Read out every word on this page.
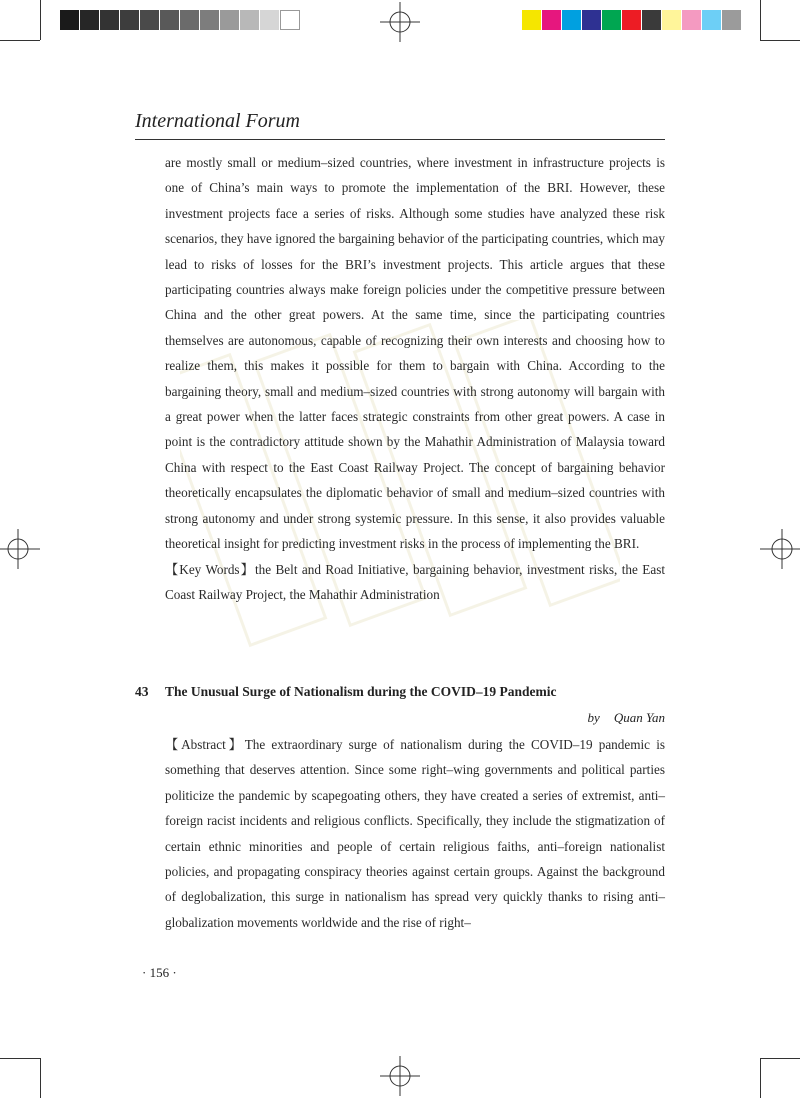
International Forum

are mostly small or medium–sized countries, where investment in infrastructure projects is one of China’s main ways to promote the implementation of the BRI. However, these investment projects face a series of risks. Although some studies have analyzed these risk scenarios, they have ignored the bargaining behavior of the participating countries, which may lead to risks of losses for the BRI’s investment projects. This article argues that these participating countries always make foreign policies under the competitive pressure between China and the other great powers. At the same time, since the participating countries themselves are autonomous, capable of recognizing their own interests and choosing how to realize them, this makes it possible for them to bargain with China. According to the bargaining theory, small and medium–sized countries with strong autonomy will bargain with a great power when the latter faces strategic constraints from other great powers. A case in point is the contradictory attitude shown by the Mahathir Administration of Malaysia toward China with respect to the East Coast Railway Project. The concept of bargaining behavior theoretically encapsulates the diplomatic behavior of small and medium–sized countries with strong autonomy and under strong systemic pressure. In this sense, it also provides valuable theoretical insight for predicting investment risks in the process of implementing the BRI.

【Key Words】the Belt and Road Initiative, bargaining behavior, investment risks, the East Coast Railway Project, the Mahathir Administration

43 The Unusual Surge of Nationalism during the COVID–19 Pandemic
by Quan Yan

【Abstract】The extraordinary surge of nationalism during the COVID–19 pandemic is something that deserves attention. Since some right–wing governments and political parties politicize the pandemic by scapegoating others, they have created a series of extremist, anti–foreign racist incidents and religious conflicts. Specifically, they include the stigmatization of certain ethnic minorities and people of certain religious faiths, anti–foreign nationalist policies, and propagating conspiracy theories against certain groups. Against the background of deglobalization, this surge in nationalism has spread very quickly thanks to rising anti–globalization movements worldwide and the rise of right–

· 156 ·
